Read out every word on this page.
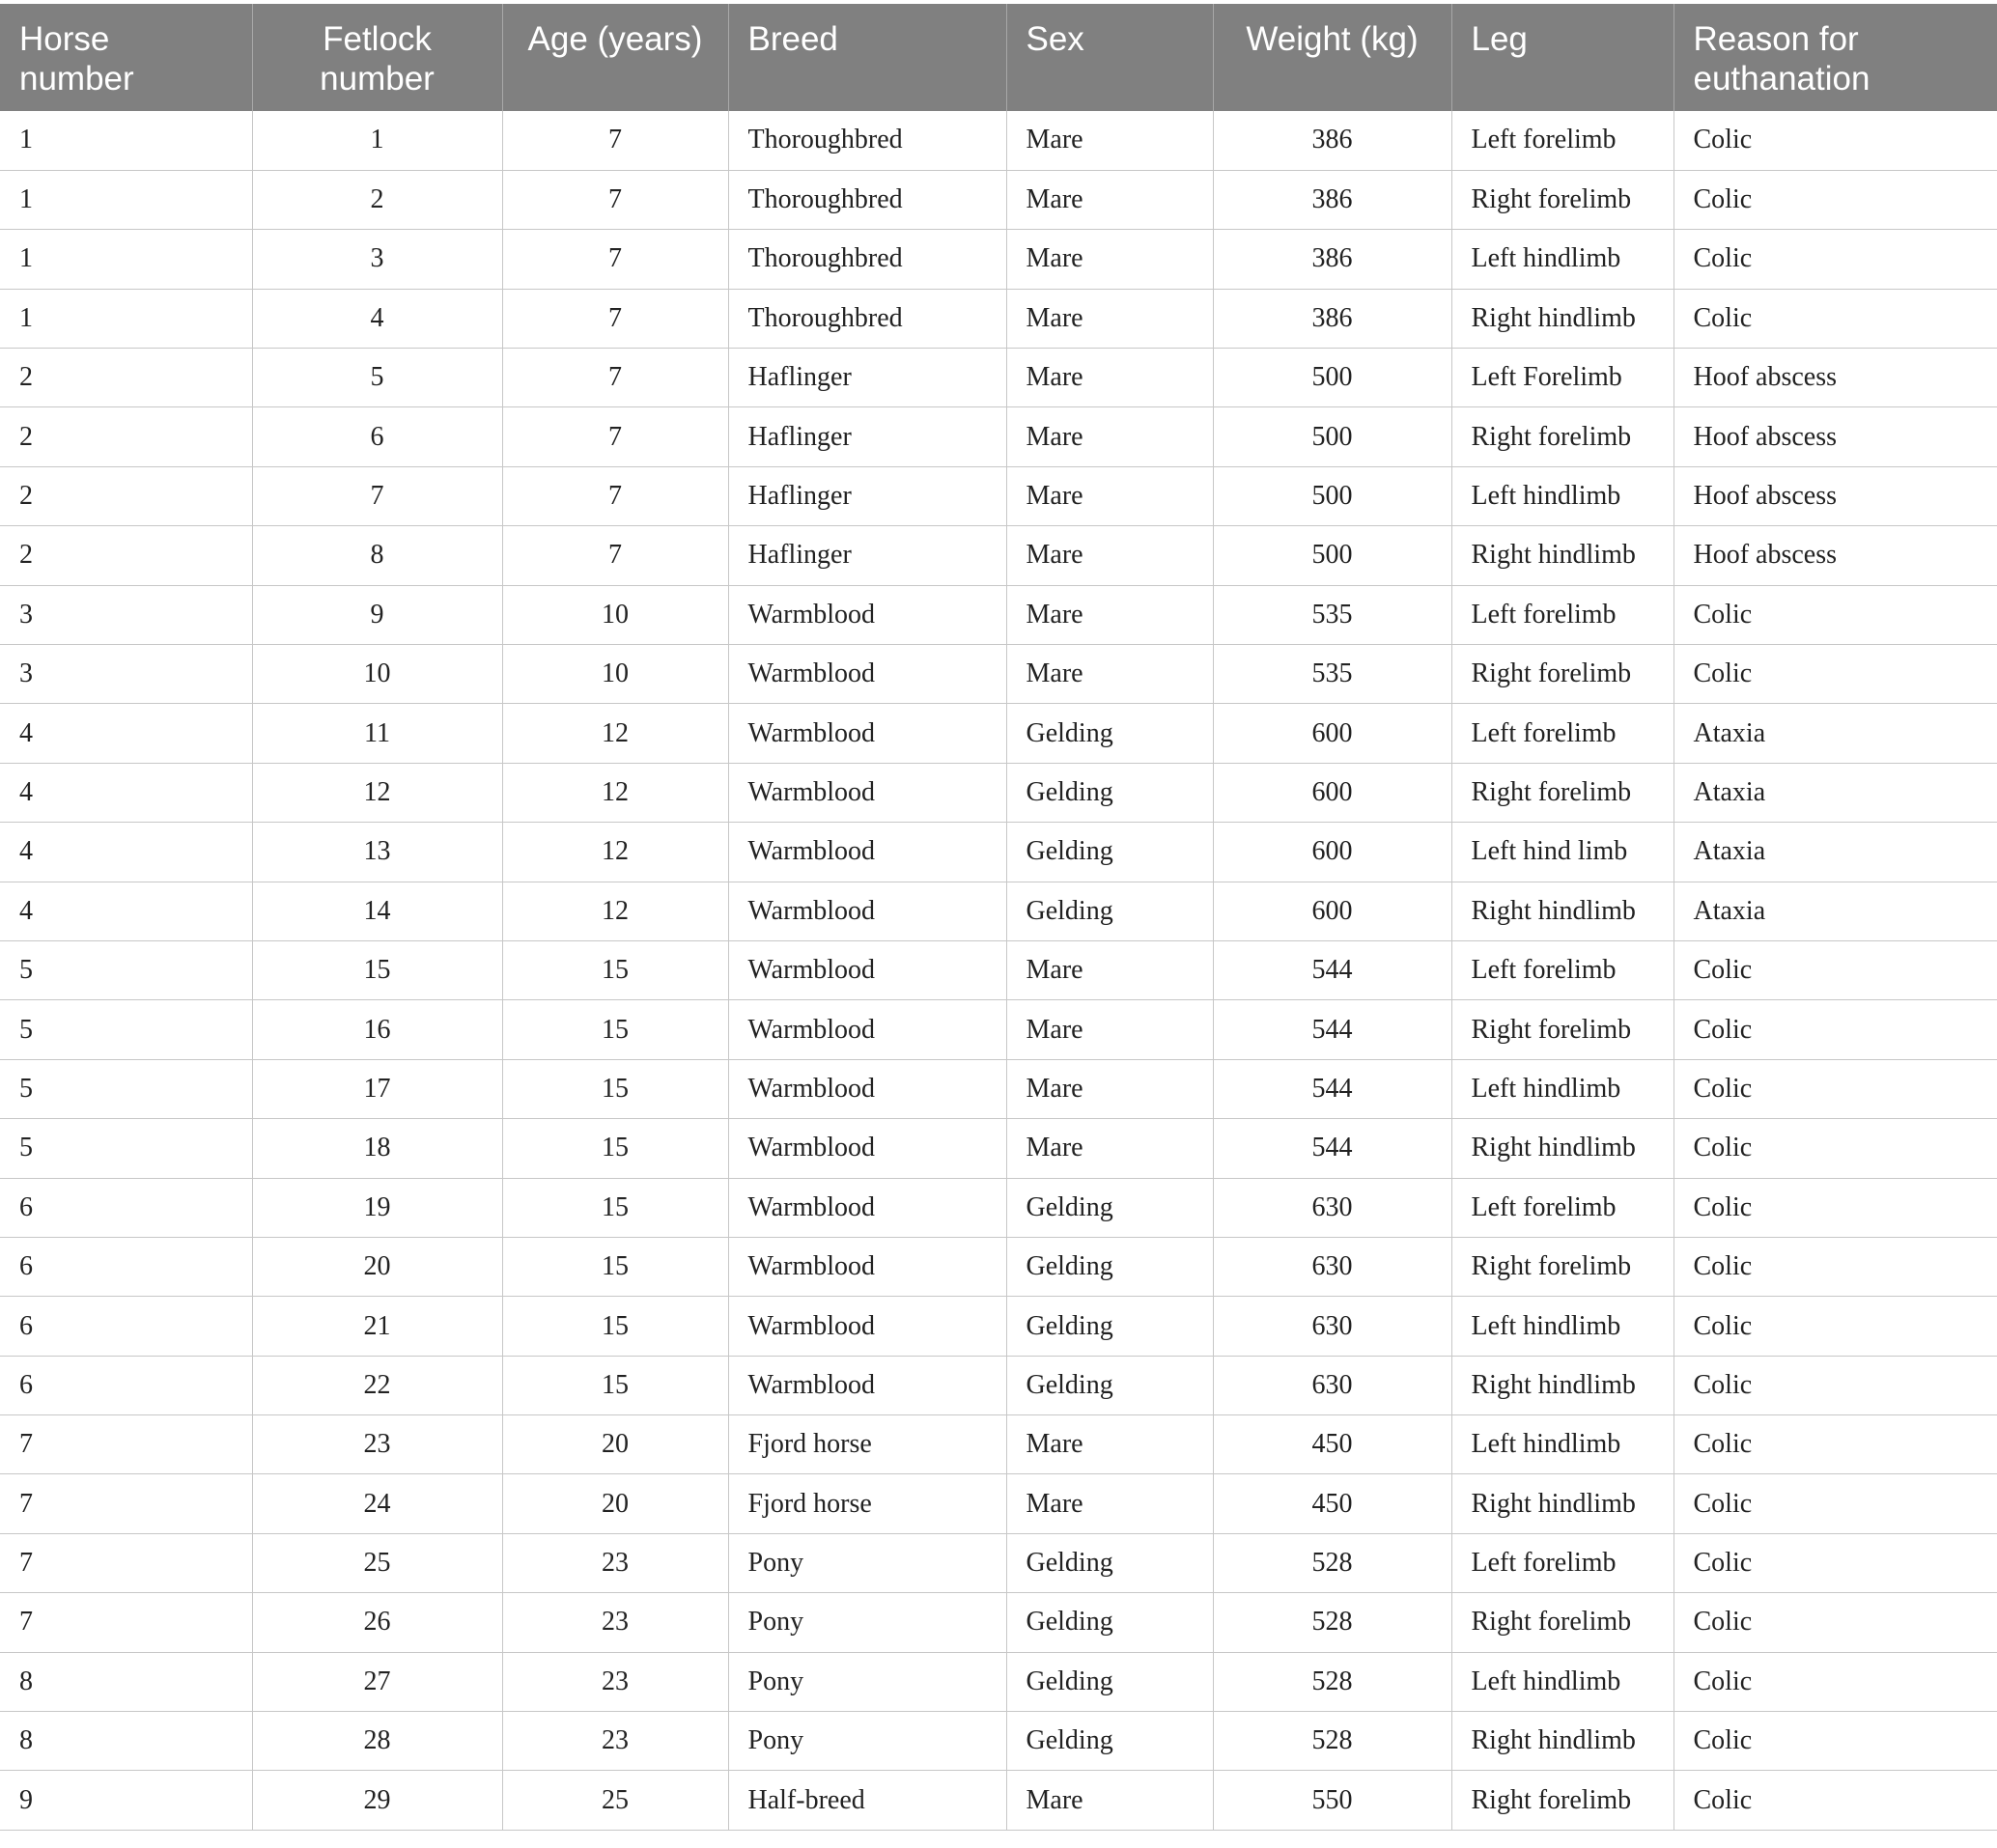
Horse number	Fetlock number	Age (years)	Breed	Sex	Weight (kg)	Leg	Reason for euthanation
1	1	7	Thoroughbred	Mare	386	Left forelimb	Colic
1	2	7	Thoroughbred	Mare	386	Right forelimb	Colic
1	3	7	Thoroughbred	Mare	386	Left hindlimb	Colic
1	4	7	Thoroughbred	Mare	386	Right hindlimb	Colic
2	5	7	Haflinger	Mare	500	Left Forelimb	Hoof abscess
2	6	7	Haflinger	Mare	500	Right forelimb	Hoof abscess
2	7	7	Haflinger	Mare	500	Left hindlimb	Hoof abscess
2	8	7	Haflinger	Mare	500	Right hindlimb	Hoof abscess
3	9	10	Warmblood	Mare	535	Left forelimb	Colic
3	10	10	Warmblood	Mare	535	Right forelimb	Colic
4	11	12	Warmblood	Gelding	600	Left forelimb	Ataxia
4	12	12	Warmblood	Gelding	600	Right forelimb	Ataxia
4	13	12	Warmblood	Gelding	600	Left hind limb	Ataxia
4	14	12	Warmblood	Gelding	600	Right hindlimb	Ataxia
5	15	15	Warmblood	Mare	544	Left forelimb	Colic
5	16	15	Warmblood	Mare	544	Right forelimb	Colic
5	17	15	Warmblood	Mare	544	Left hindlimb	Colic
5	18	15	Warmblood	Mare	544	Right hindlimb	Colic
6	19	15	Warmblood	Gelding	630	Left forelimb	Colic
6	20	15	Warmblood	Gelding	630	Right forelimb	Colic
6	21	15	Warmblood	Gelding	630	Left hindlimb	Colic
6	22	15	Warmblood	Gelding	630	Right hindlimb	Colic
7	23	20	Fjord horse	Mare	450	Left hindlimb	Colic
7	24	20	Fjord horse	Mare	450	Right hindlimb	Colic
7	25	23	Pony	Gelding	528	Left forelimb	Colic
7	26	23	Pony	Gelding	528	Right forelimb	Colic
8	27	23	Pony	Gelding	528	Left hindlimb	Colic
8	28	23	Pony	Gelding	528	Right hindlimb	Colic
9	29	25	Half-breed	Mare	550	Right forelimb	Colic
